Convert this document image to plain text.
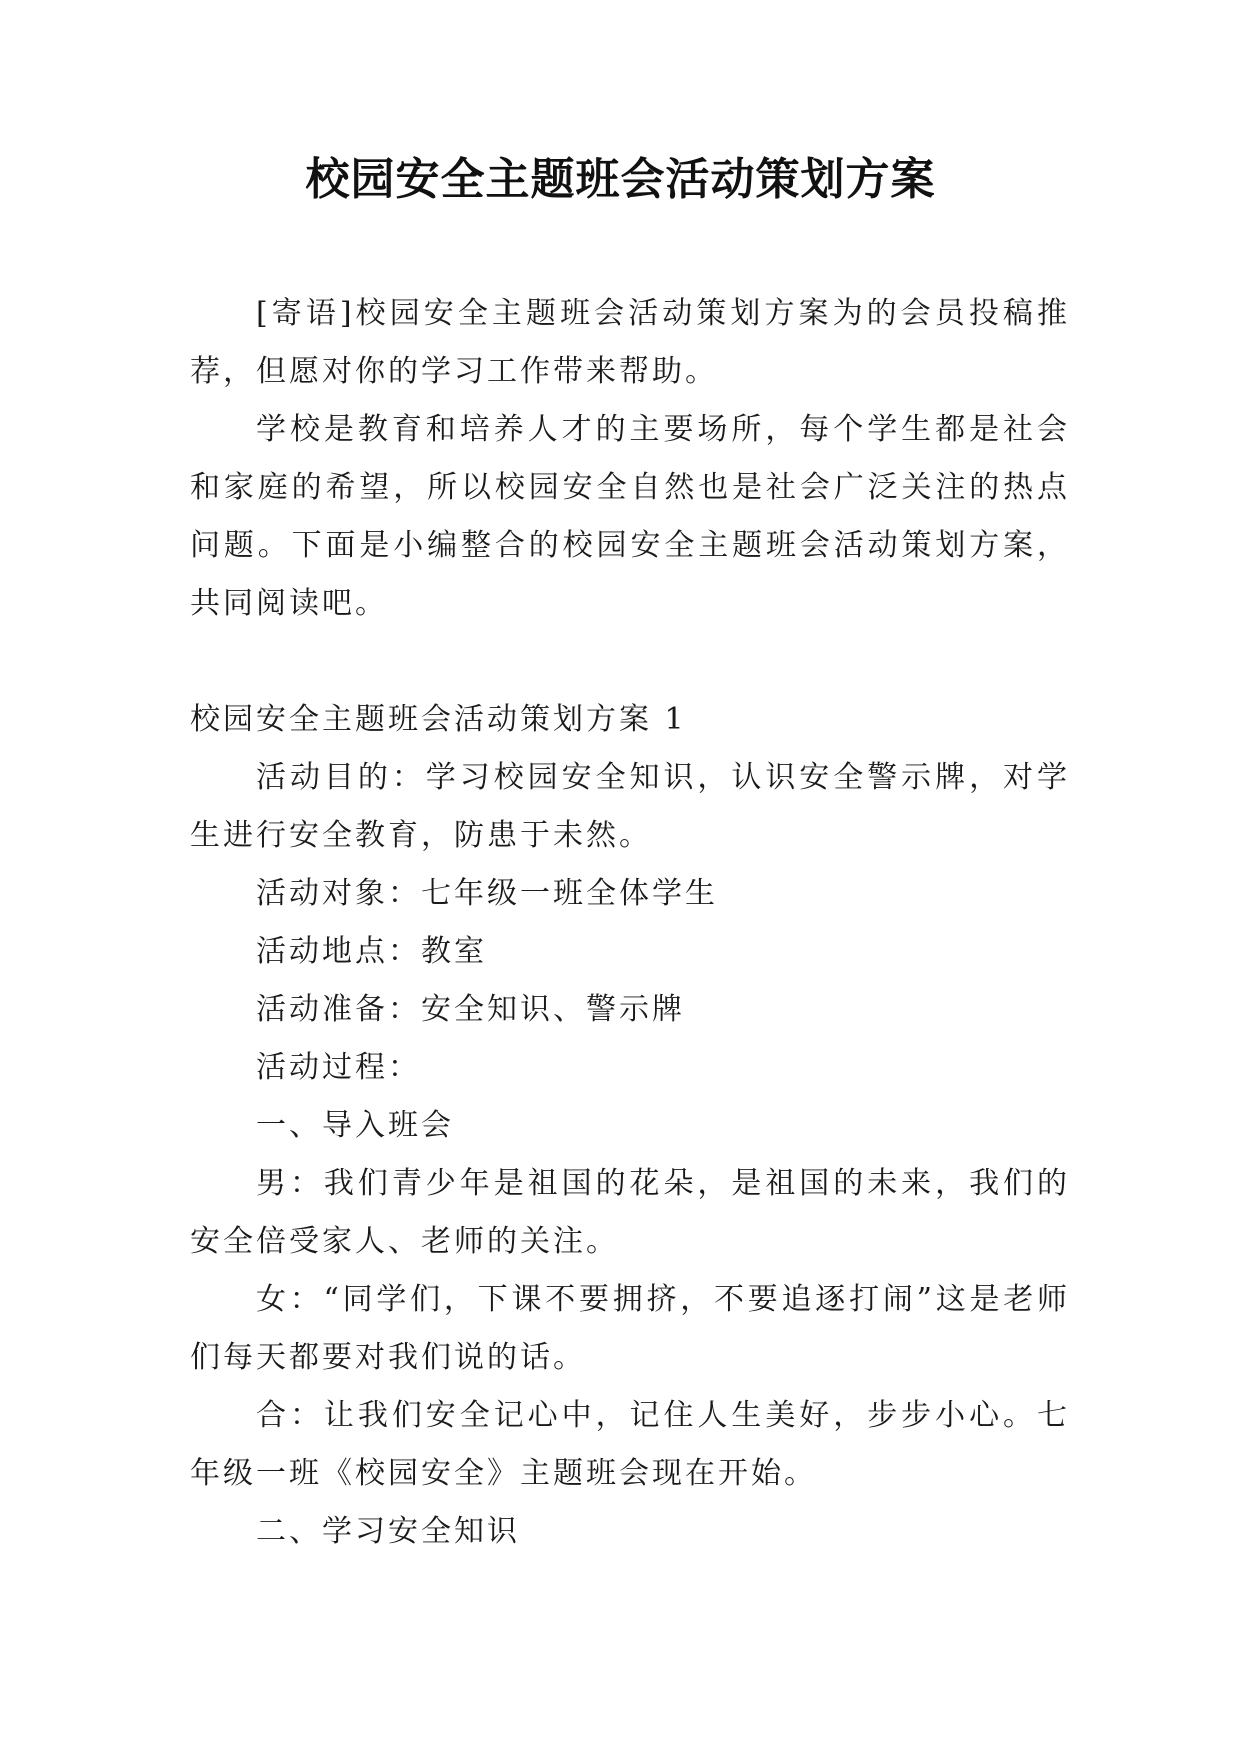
校园安全主题班会活动策划方案

[寄语]校园安全主题班会活动策划方案为的会员投稿推荐，但愿对你的学习工作带来帮助。

学校是教育和培养人才的主要场所，每个学生都是社会和家庭的希望，所以校园安全自然也是社会广泛关注的热点问题。下面是小编整合的校园安全主题班会活动策划方案，共同阅读吧。

校园安全主题班会活动策划方案 1

活动目的：学习校园安全知识，认识安全警示牌，对学生进行安全教育，防患于未然。

活动对象：七年级一班全体学生

活动地点：教室

活动准备：安全知识、警示牌

活动过程：

一、导入班会

男：我们青少年是祖国的花朵，是祖国的未来，我们的安全倍受家人、老师的关注。

女：“同学们，下课不要拥挤，不要追逐打闹”这是老师们每天都要对我们说的话。

合：让我们安全记心中，记住人生美好，步步小心。七年级一班《校园安全》主题班会现在开始。

二、学习安全知识
